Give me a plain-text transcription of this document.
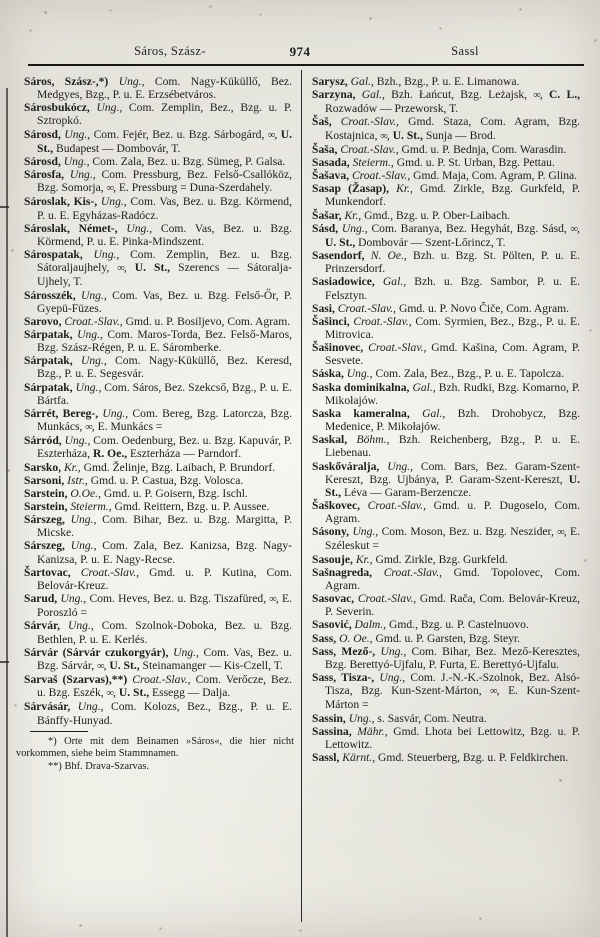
Sáros, Szász-	974	Sassl

Sáros, Szász-,*) Ung., Com. Nagy-Küküllő, Bez. Medgyes, Bzg., P. u. E. Erzsébetváros.

Sárosbukócz, Ung., Com. Zemplin, Bez., Bzg. u. P. Sztropkó.

Sárosd, Ung., Com. Fejér, Bez. u. Bzg. Sárbogárd, ∞, U. St., Budapest — Dombovár, T.

Sárosd, Ung., Com. Zala, Bez. u. Bzg. Sümeg, P. Galsa.

Sárosfa, Ung., Com. Pressburg, Bez. Felső-Csallóköz, Bzg. Somorja, ∞, E. Pressburg = Duna-Szerdahely.

Sároslak, Kis-, Ung., Com. Vas, Bez. u. Bzg. Körmend, P. u. E. Egyházas-Radócz.

Sároslak, Német-, Ung., Com. Vas, Bez. u. Bzg. Körmend, P. u. E. Pinka-Mindszent.

Sárospatak, Ung., Com. Zemplin, Bez. u. Bzg. Sátoraljaujhely, ∞, U. St., Szerencs — Sátoralja-Ujhely, T.

Sárosszék, Ung., Com. Vas, Bez. u. Bzg. Felső-Őr, P. Gyepü-Füzes.

Sarovo, Croat.-Slav., Gmd. u. P. Bosiljevo, Com. Agram.

Sárpatak, Ung., Com. Maros-Torda, Bez. Felső-Maros, Bzg. Szász-Régen, P. u. E. Sáromberke.

Sárpatak, Ung., Com. Nagy-Küküllő, Bez. Keresd, Bzg., P. u. E. Segesvár.

Sárpatak, Ung., Com. Sáros, Bez. Szekcső, Bzg., P. u. E. Bártfa.

Sárrét, Bereg-, Ung., Com. Bereg, Bzg. Latorcza, Bzg. Munkács, ∞, E. Munkács =

Sárród, Ung., Com. Oedenburg, Bez. u. Bzg. Kapuvár, P. Eszterháza, R. Oe., Eszterháza — Parndorf.

Sarsko, Kr., Gmd. Želinje, Bzg. Laibach, P. Brundorf.

Sarsoni, Istr., Gmd. u. P. Castua, Bzg. Volosca.

Sarstein, O.Oe., Gmd. u. P. Goisern, Bzg. Ischl.

Sarstein, Steierm., Gmd. Reittern, Bzg. u. P. Aussee.

Sárszeg, Ung., Com. Bihar, Bez. u. Bzg. Margitta, P. Micske.

Sárszeg, Ung., Com. Zala, Bez. Kanizsa, Bzg. Nagy-Kanizsa, P. u. E. Nagy-Recse.

Šartovac, Croat.-Slav., Gmd. u. P. Kutina, Com. Belovár-Kreuz.

Sarud, Ung., Com. Heves, Bez. u. Bzg. Tiszafüred, ∞, E. Poroszló =

Sárvár, Ung., Com. Szolnok-Doboka, Bez. u. Bzg. Bethlen, P. u. E. Kerlés.

Sárvár (Sárvár czukorgyár), Ung., Com. Vas, Bez. u. Bzg. Sárvár, ∞, U. St., Steinamanger — Kis-Czell, T.

Sarvaš (Szarvas),**) Croat.-Slav., Com. Verőcze, Bez. u. Bzg. Eszék, ∞, U. St., Essegg — Dalja.

Sárvásár, Ung., Com. Kolozs, Bez., Bzg., P. u. E. Bánffy-Hunyad.

*) Orte mit dem Beinamen »Sáros«, die hier nicht vorkommen, siehe beim Stammnamen.

**) Bhf. Drava-Szarvas.

Sarysz, Gal., Bzh., Bzg., P. u. E. Limanowa.

Sarzyna, Gal., Bzh. Łańcut, Bzg. Leżajsk, ∞, C. L., Rozwadów — Przeworsk, T.

Šaš, Croat.-Slav., Gmd. Staza, Com. Agram, Bzg. Kostajnica, ∞, U. St., Sunja — Brod.

Šaša, Croat.-Slav., Gmd. u. P. Bednja, Com. Warasdin.

Sasada, Steierm., Gmd. u. P. St. Urban, Bzg. Pettau.

Šašava, Croat.-Slav., Gmd. Maja, Com. Agram, P. Glina.

Sasap (Žasap), Kr., Gmd. Zirkle, Bzg. Gurkfeld, P. Munkendorf.

Šašar, Kr., Gmd., Bzg. u. P. Ober-Laibach.

Sásd, Ung., Com. Baranya, Bez. Hegyhát, Bzg. Sásd, ∞, U. St., Dombovár — Szent-Lőrincz, T.

Sasendorf, N. Oe., Bzh. u. Bzg. St. Pölten, P. u. E. Prinzersdorf.

Sasiadowice, Gal., Bzh. u. Bzg. Sambor, P. u. E. Felsztyn.

Sasi, Croat.-Slav., Gmd. u. P. Novo Čiče, Com. Agram.

Šašinci, Croat.-Slav., Com. Syrmien, Bez., Bzg., P. u. E. Mitrovica.

Šašinovec, Croat.-Slav., Gmd. Kašina, Com. Agram, P. Sesvete.

Sáska, Ung., Com. Zala, Bez., Bzg., P. u. E. Tapolcza.

Saska dominikalna, Gal., Bzh. Rudki, Bzg. Komarno, P. Mikołajów.

Saska kameralna, Gal., Bzh. Drohobycz, Bzg. Medenice, P. Mikołajów.

Saskal, Böhm., Bzh. Reichenberg, Bzg., P. u. E. Liebenau.

Saskőváralja, Ung., Com. Bars, Bez. Garam-Szent-Kereszt, Bzg. Ujbánya, P. Garam-Szent-Kereszt, U. St., Léva — Garam-Berzencze.

Šaškovec, Croat.-Slav., Gmd. u. P. Dugoselo, Com. Agram.

Sásony, Ung., Com. Moson, Bez. u. Bzg. Neszider, ∞, E. Széleskut =

Sasouje, Kr., Gmd. Zirkle, Bzg. Gurkfeld.

Sašnagreda, Croat.-Slav., Gmd. Topolovec, Com. Agram.

Sasovac, Croat.-Slav., Gmd. Rača, Com. Belovár-Kreuz, P. Severin.

Sasović, Dalm., Gmd., Bzg. u. P. Castelnuovo.

Sass, O. Oe., Gmd. u. P. Garsten, Bzg. Steyr.

Sass, Mező-, Ung., Com. Bihar, Bez. Mező-Keresztes, Bzg. Berettyó-Ujfalu, P. Furta, E. Berettyó-Ujfalu.

Sass, Tisza-, Ung., Com. J.-N.-K.-Szolnok, Bez. Alsó-Tisza, Bzg. Kun-Szent-Márton, ∞, E. Kun-Szent-Márton =

Sassin, Ung., s. Sasvár, Com. Neutra.

Sassina, Mähr., Gmd. Lhota bei Lettowitz, Bzg. u. P. Lettowitz.

Sassl, Kärnt., Gmd. Steuerberg, Bzg. u. P. Feldkirchen.
